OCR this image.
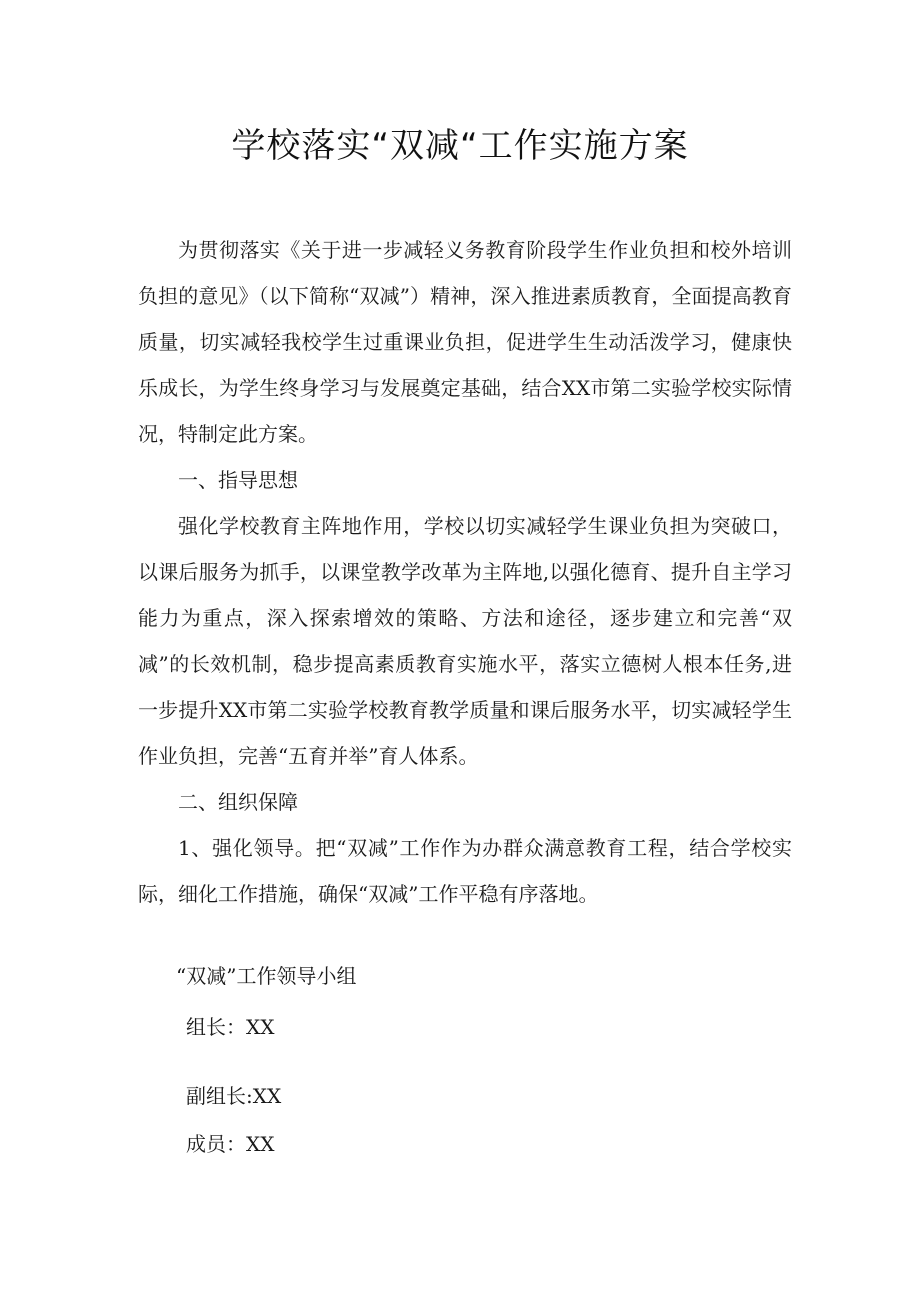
学校落实“双减“工作实施方案

为贯彻落实《关于进一步减轻义务教育阶段学生作业负担和校外培训负担的意见》（以下简称“双减”）精神，深入推进素质教育，全面提高教育质量，切实减轻我校学生过重课业负担，促进学生生动活泼学习，健康快乐成长，为学生终身学习与发展奠定基础，结合XX市第二实验学校实际情况，特制定此方案。

一、指导思想

强化学校教育主阵地作用，学校以切实减轻学生课业负担为突破口，以课后服务为抓手，以课堂教学改革为主阵地,以强化德育、提升自主学习能力为重点，深入探索增效的策略、方法和途径，逐步建立和完善“双减”的长效机制，稳步提高素质教育实施水平，落实立德树人根本任务,进一步提升XX市第二实验学校教育教学质量和课后服务水平，切实减轻学生作业负担，完善“五育并举”育人体系。

二、组织保障

1、强化领导。把“双减”工作作为办群众满意教育工程，结合学校实际，细化工作措施，确保“双减”工作平稳有序落地。

“双减”工作领导小组

组长：XX

副组长:XX

成员：XX
